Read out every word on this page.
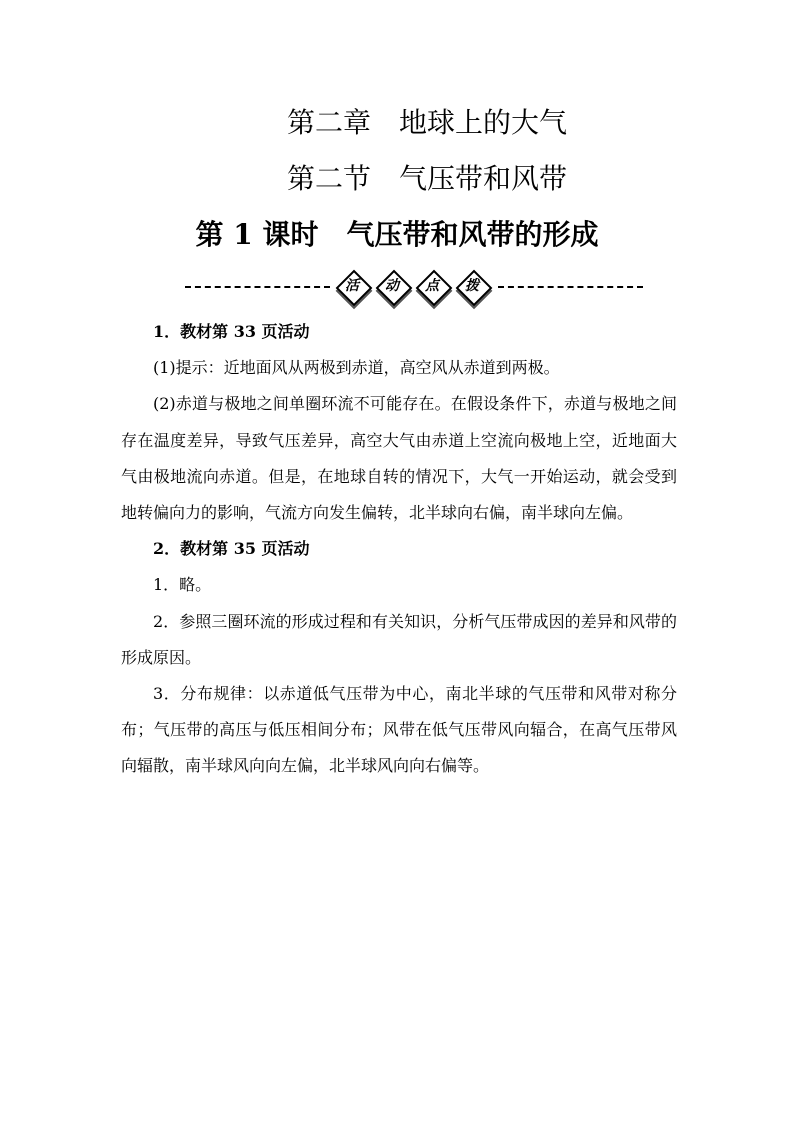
第二章　地球上的大气
第二节　气压带和风带
第 1 课时　气压带和风带的形成
活	动	点	拨

1．教材第 33 页活动

(1)提示：近地面风从两极到赤道，高空风从赤道到两极。

(2)赤道与极地之间单圈环流不可能存在。在假设条件下，赤道与极地之间存在温度差异，导致气压差异，高空大气由赤道上空流向极地上空，近地面大气由极地流向赤道。但是，在地球自转的情况下，大气一开始运动，就会受到地转偏向力的影响，气流方向发生偏转，北半球向右偏，南半球向左偏。

2．教材第 35 页活动

1．略。

2．参照三圈环流的形成过程和有关知识，分析气压带成因的差异和风带的形成原因。

3．分布规律：以赤道低气压带为中心，南北半球的气压带和风带对称分布；气压带的高压与低压相间分布；风带在低气压带风向辐合，在高气压带风向辐散，南半球风向向左偏，北半球风向向右偏等。
